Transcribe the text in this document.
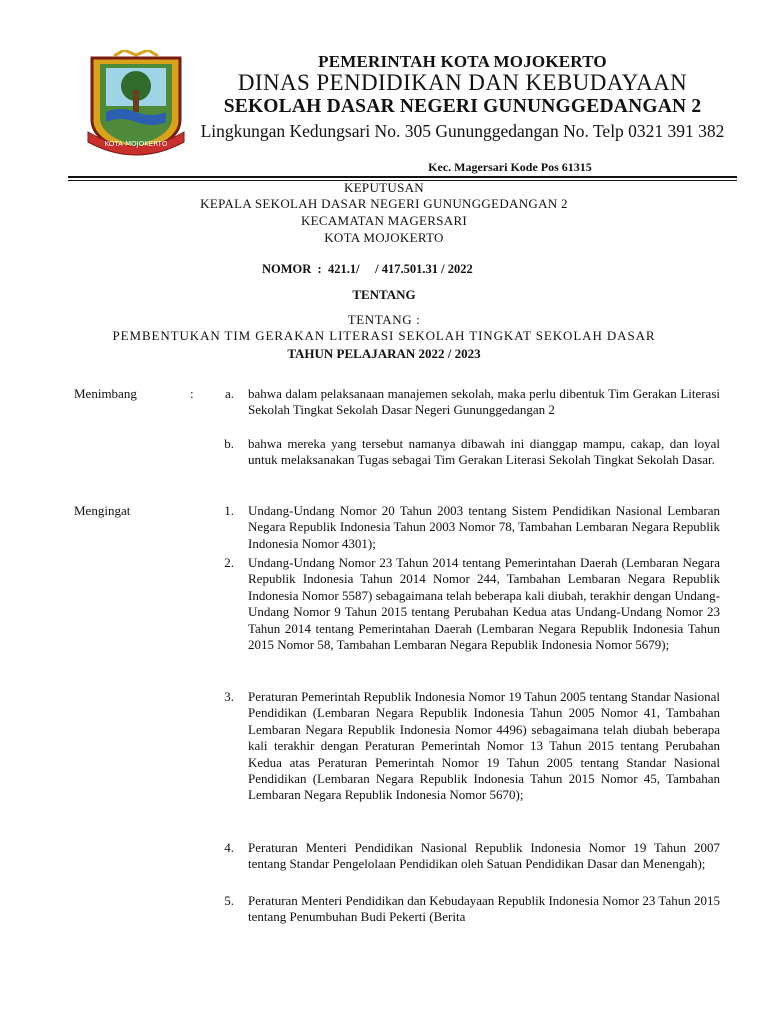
KOTA MOJOKERTO
PEMERINTAH KOTA MOJOKERTO
DINAS PENDIDIKAN DAN KEBUDAYAAN
SEKOLAH DASAR NEGERI GUNUNGGEDANGAN 2
Lingkungan Kedungsari No. 305 Gununggedangan No. Telp 0321 391 382
Kec. Magersari Kode Pos 61315
KEPUTUSAN
KEPALA SEKOLAH DASAR NEGERI GUNUNGGEDANGAN 2
KECAMATAN MAGERSARI
KOTA MOJOKERTO
NOMOR  :  421.1/     / 417.501.31 / 2022
TENTANG
TENTANG :
PEMBENTUKAN TIM GERAKAN LITERASI SEKOLAH TINGKAT SEKOLAH DASAR
TAHUN PELAJARAN 2022 / 2023
Menimbang	:	a. bahwa dalam pelaksanaan manajemen sekolah, maka perlu dibentuk Tim Gerakan Literasi Sekolah Tingkat Sekolah Dasar Negeri Gununggedangan 2
b. bahwa mereka yang tersebut namanya dibawah ini dianggap mampu, cakap, dan loyal untuk melaksanakan Tugas sebagai Tim Gerakan Literasi Sekolah Tingkat Sekolah Dasar.
Mengingat	1. Undang-Undang Nomor 20 Tahun 2003 tentang Sistem Pendidikan Nasional Lembaran Negara Republik Indonesia Tahun 2003 Nomor 78, Tambahan Lembaran Negara Republik Indonesia Nomor 4301);
2. Undang-Undang Nomor 23 Tahun 2014 tentang Pemerintahan Daerah (Lembaran Negara Republik Indonesia Tahun 2014 Nomor 244, Tambahan Lembaran Negara Republik Indonesia Nomor 5587) sebagaimana telah beberapa kali diubah, terakhir dengan Undang-Undang Nomor 9 Tahun 2015 tentang Perubahan Kedua atas Undang-Undang Nomor 23 Tahun 2014 tentang Pemerintahan Daerah (Lembaran Negara Republik Indonesia Tahun 2015 Nomor 58, Tambahan Lembaran Negara Republik Indonesia Nomor 5679);
3. Peraturan Pemerintah Republik Indonesia Nomor 19 Tahun 2005 tentang Standar Nasional Pendidikan (Lembaran Negara Republik Indonesia Tahun 2005 Nomor 41, Tambahan Lembaran Negara Republik Indonesia Nomor 4496) sebagaimana telah diubah beberapa kali terakhir dengan Peraturan Pemerintah Nomor 13 Tahun 2015 tentang Perubahan Kedua atas Peraturan Pemerintah Nomor 19 Tahun 2005 tentang Standar Nasional Pendidikan (Lembaran Negara Republik Indonesia Tahun 2015 Nomor 45, Tambahan Lembaran Negara Republik Indonesia Nomor 5670);
4. Peraturan Menteri Pendidikan Nasional Republik Indonesia Nomor 19 Tahun 2007 tentang Standar Pengelolaan Pendidikan oleh Satuan Pendidikan Dasar dan Menengah);
5. Peraturan Menteri Pendidikan dan Kebudayaan Republik Indonesia Nomor 23 Tahun 2015 tentang Penumbuhan Budi Pekerti (Berita
